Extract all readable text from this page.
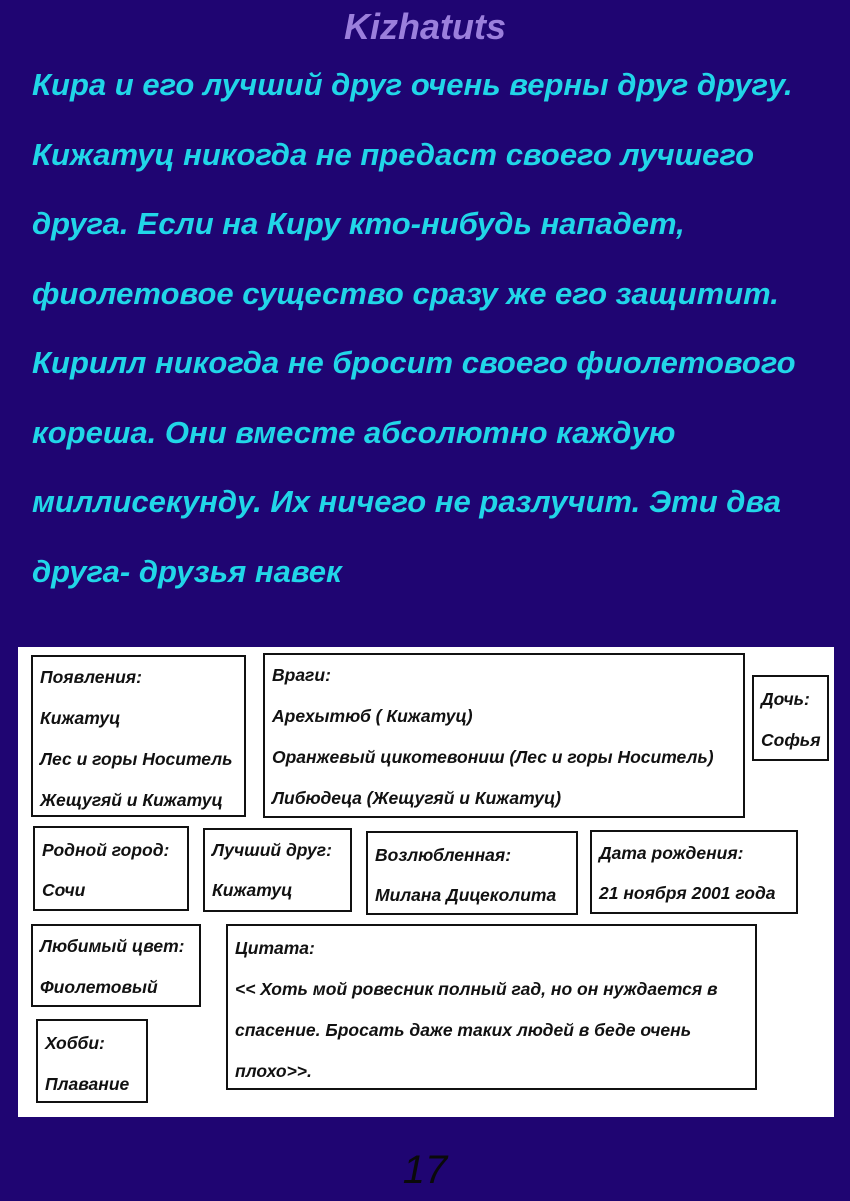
Kizhatuts
Кира и его лучший друг очень верны друг другу.
Кижатуц никогда не предаст своего лучшего
друга. Если на Киру кто-нибудь нападет,
фиолетовое существо сразу же его защитит.
Кирилл никогда не бросит своего фиолетового
кореша. Они вместе абсолютно каждую
миллисекунду. Их ничего не разлучит. Эти два
друга- друзья навек
Появления:
Кижатуц
Лес и горы Носитель
Жещугяй и Кижатуц
Враги:
Арехытюб ( Кижатуц)
Оранжевый цикотевониш (Лес и горы Носитель)
Либюдеца (Жещугяй и Кижатуц)
Дочь:
Софья
Родной город:
Сочи
Лучший друг:
Кижатуц
Возлюбленная:
Милана Дицеколита
Дата рождения:
21 ноября 2001 года
Любимый цвет:
Фиолетовый
Цитата:
<< Хоть мой ровесник полный гад, но он нуждается в
спасение. Бросать даже таких людей в беде очень
плохо>>.
Хобби:
Плавание
17
